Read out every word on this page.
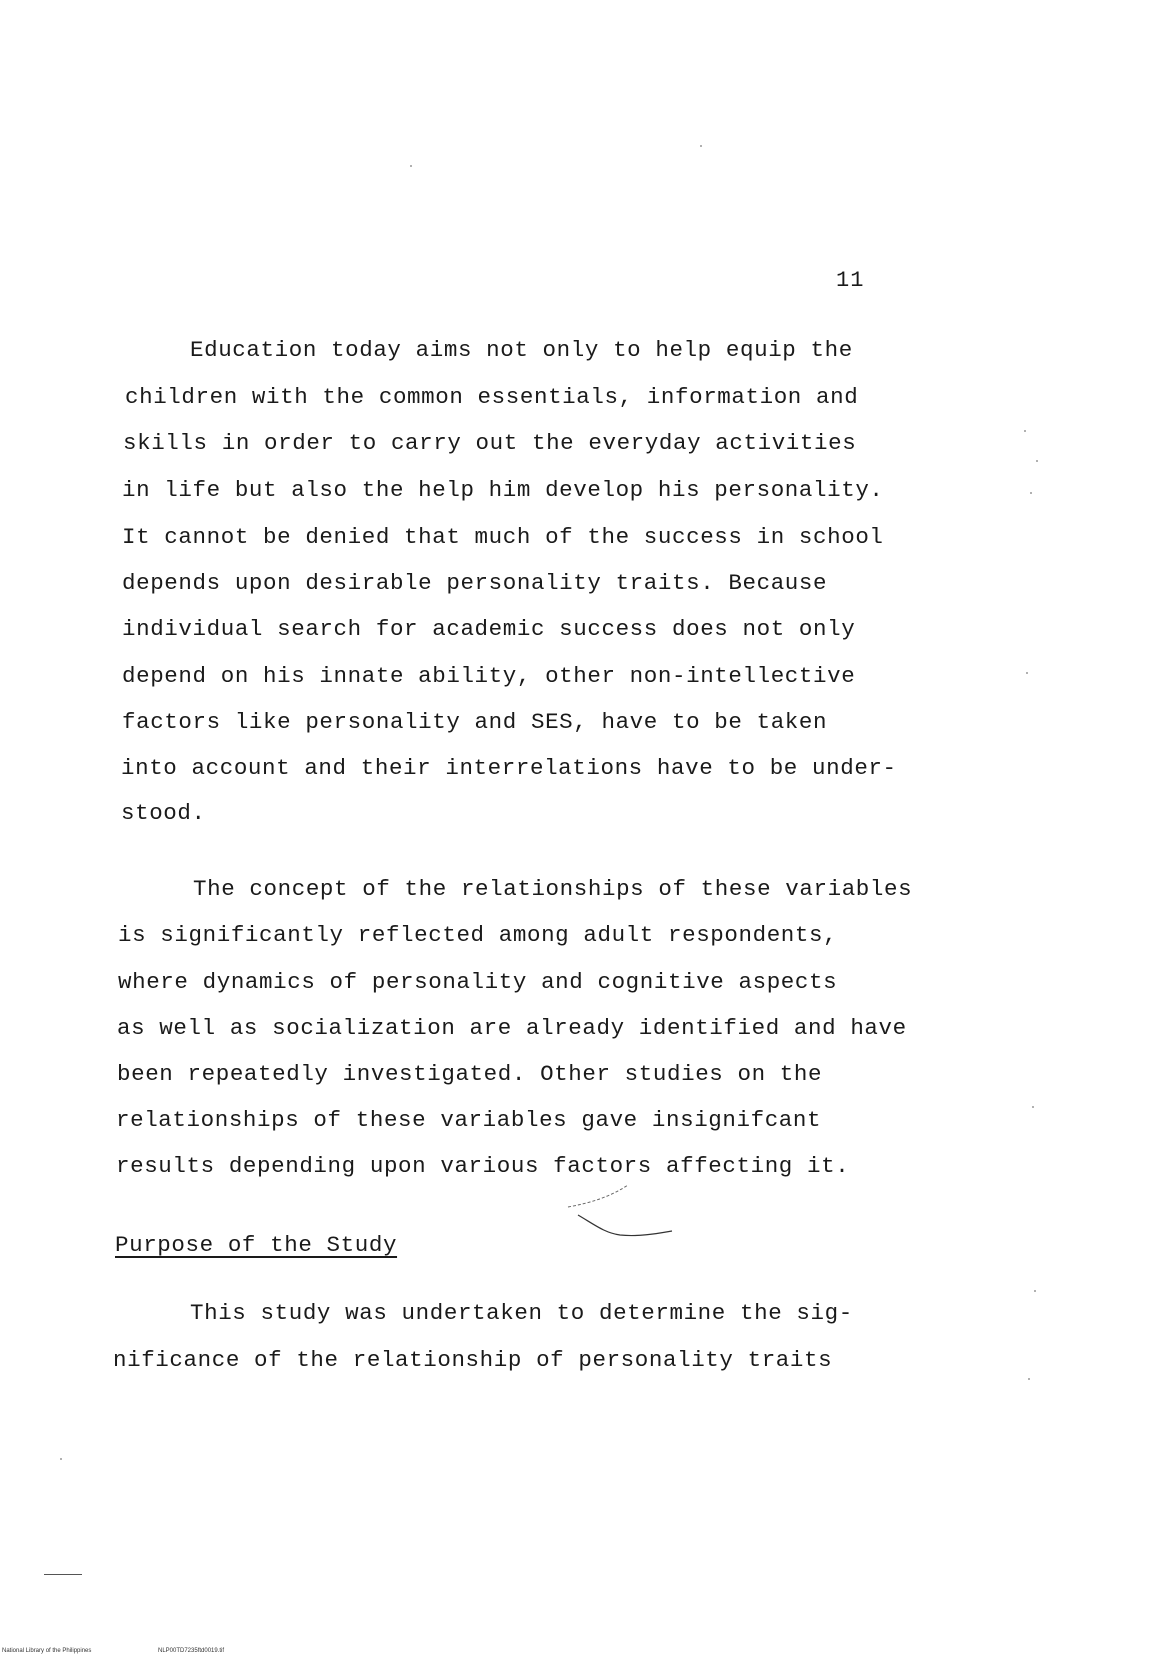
11
Education today aims not only to help equip the
children with the common essentials, information and
skills in order to carry out the everyday activities
in life but also the help him develop his personality.
It cannot be denied that much of the success in school
depends upon desirable personality traits. Because
individual search for academic success does not only
depend on his innate ability, other non-intellective
factors like personality and SES, have to be taken
into account and their interrelations have to be under-
stood.
The concept of the relationships of these variables
is significantly reflected among adult respondents,
where dynamics of personality and cognitive aspects
as well as socialization are already identified and have
been repeatedly investigated. Other studies on the
relationships of these variables gave insignifcant
results depending upon various factors affecting it.
Purpose of the Study
This study was undertaken to determine the sig-
nificance of the relationship of personality traits
National Library of the Philippines	NLP00TD7235ftd0019.tif
